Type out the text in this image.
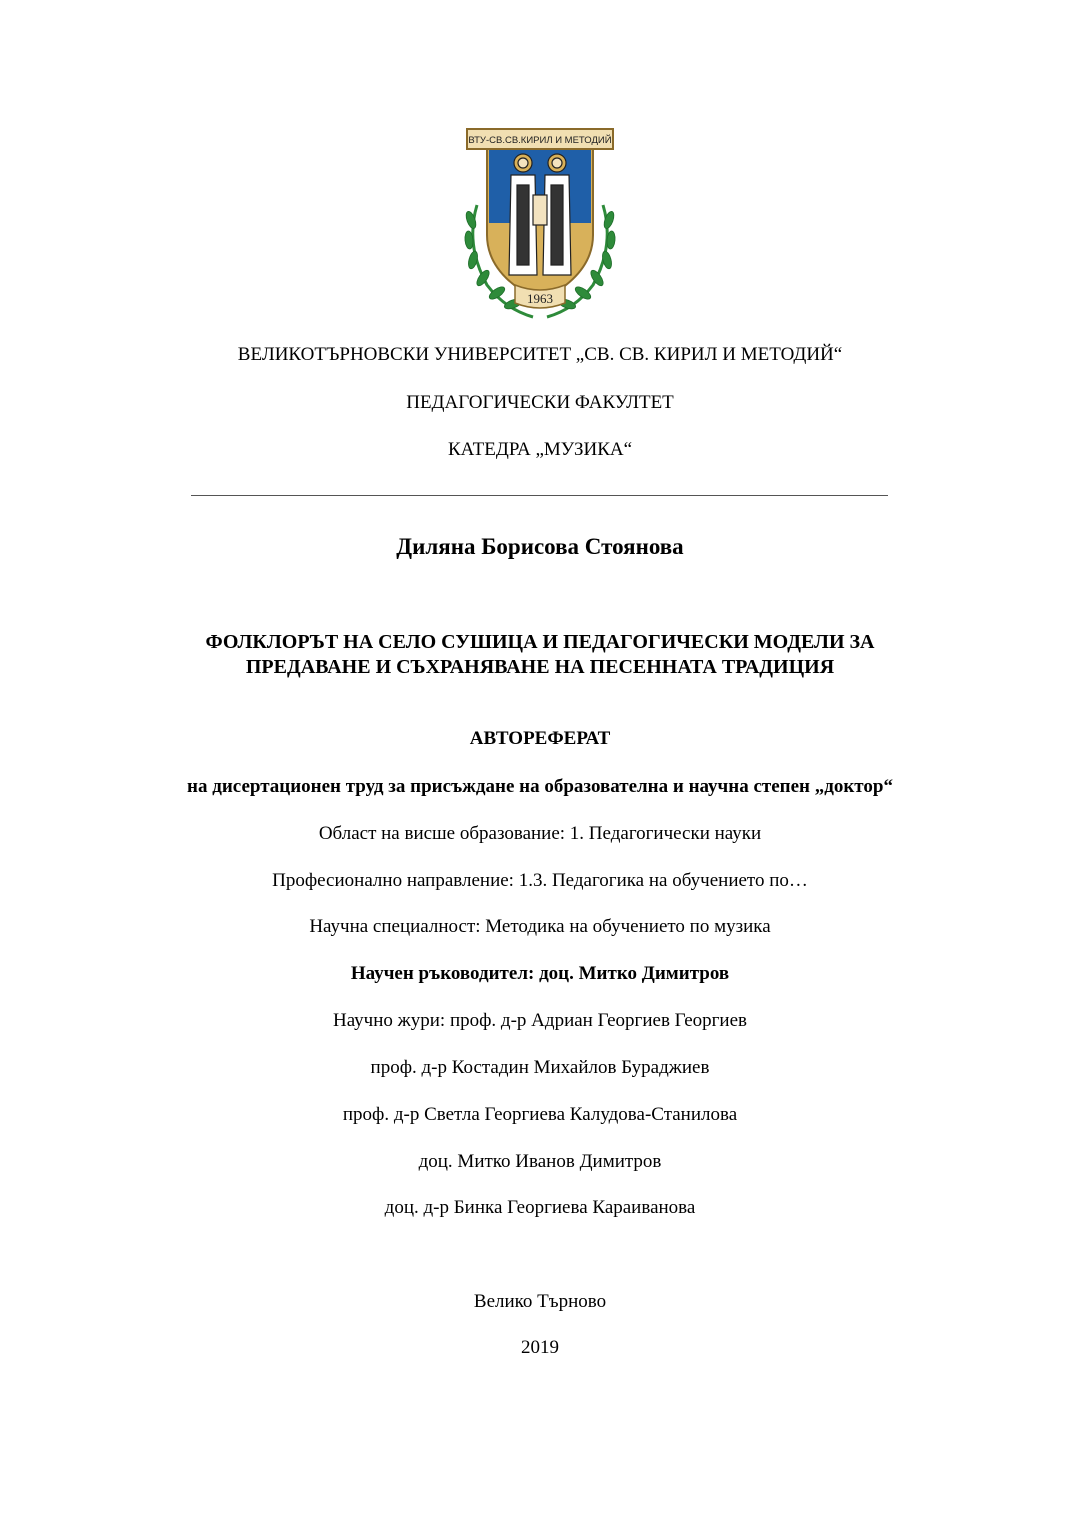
ВТУ-СВ.СВ.КИРИЛ И МЕТОДИЙ
1963
ВЕЛИКОТЪРНОВСКИ УНИВЕРСИТЕТ „СВ. СВ. КИРИЛ И МЕТОДИЙ“
ПЕДАГОГИЧЕСКИ ФАКУЛТЕТ
КАТЕДРА „МУЗИКА“
Диляна Борисова Стоянова
ФОЛКЛОРЪТ НА СЕЛО СУШИЦА И ПЕДАГОГИЧЕСКИ МОДЕЛИ ЗА
ПРЕДАВАНЕ И СЪХРАНЯВАНЕ НА ПЕСЕННАТА ТРАДИЦИЯ
АВТОРЕФЕРАТ
на дисертационен труд за присъждане на образователна и научна степен „доктор“
Област на висше образование: 1. Педагогически науки
Професионално направление: 1.3. Педагогика на обучението по…
Научна специалност: Методика на обучението по музика
Научен ръководител: доц. Митко Димитров
Научно жури: проф. д-р Адриан Георгиев Георгиев
проф. д-р Костадин Михайлов Бураджиев
проф. д-р Светла Георгиева Калудова-Станилова
доц. Митко Иванов Димитров
доц. д-р Бинка Георгиева Караиванова
Велико Търново
2019
